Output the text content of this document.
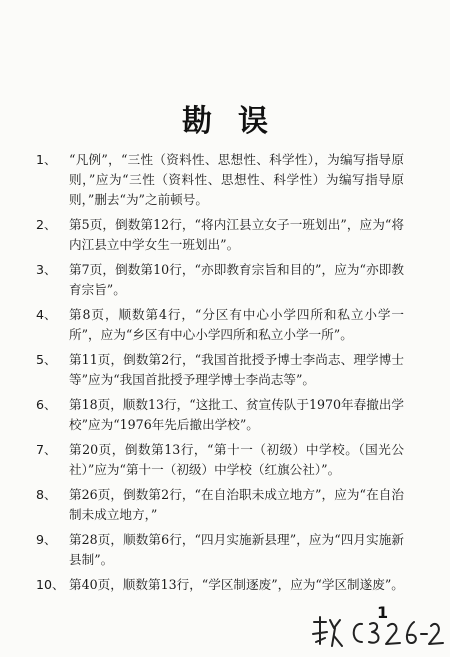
勘误
1、 “凡例”，“三性（资料性、思想性、科学性），为编写指导原则，”应为“三性（资料性、思想性、科学性）为编写指导原则，”删去“为”之前顿号。
2、 第5页，倒数第12行，“将内江县立女子一班划出”，应为“将内江县立中学女生一班划出”。
3、 第7页，倒数第10行，“亦即教育宗旨和目的”，应为“亦即教育宗旨”。
4、 第8页，顺数第4行，“分区有中心小学四所和私立小学一所”，应为“乡区有中心小学四所和私立小学一所”。
5、 第11页，倒数第2行，“我国首批授予博士李尚志、理学博士等”应为“我国首批授予理学博士李尚志等”。
6、 第18页，顺数13行，“这批工、贫宣传队于1970年春撤出学校”应为“1976年先后撤出学校”。
7、 第20页，倒数第13行，“第十一（初级）中学校。（国光公社）”应为“第十一（初级）中学校（红旗公社）”。
8、 第26页，倒数第2行，“在自治职未成立地方”，应为“在自治制未成立地方，”
9、 第28页，顺数第6行，“四月实施新县理”，应为“四月实施新县制”。
10、 第40页，顺数第13行，“学区制逐废”，应为“学区制遂废”。
1
